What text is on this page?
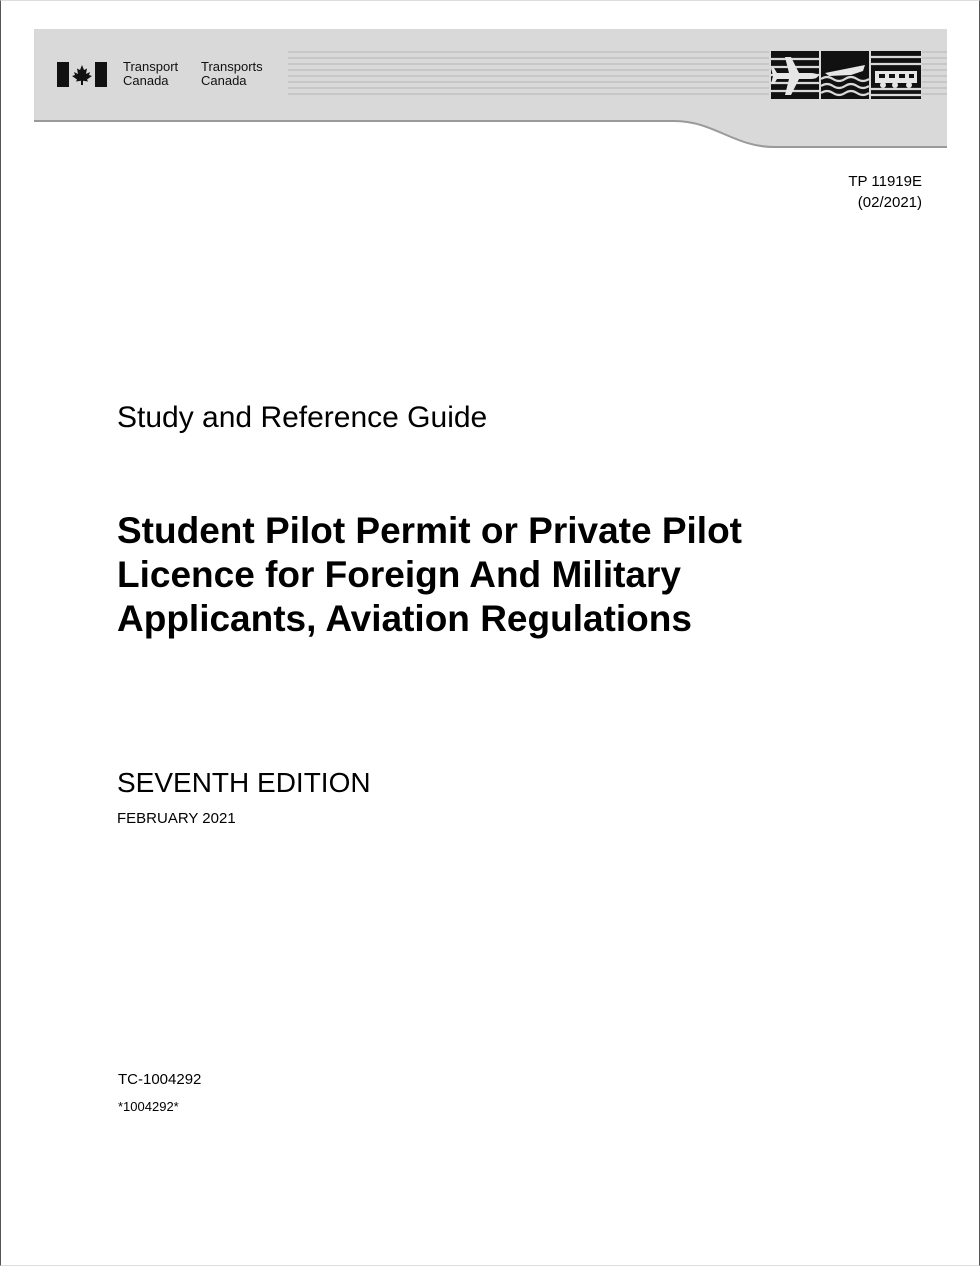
Transport
Canada
Transports
Canada
TP 11919E
(02/2021)
Study and Reference Guide
Student Pilot Permit or Private Pilot Licence for Foreign And Military Applicants, Aviation Regulations
SEVENTH EDITION
FEBRUARY 2021
TC-1004292
*1004292*
